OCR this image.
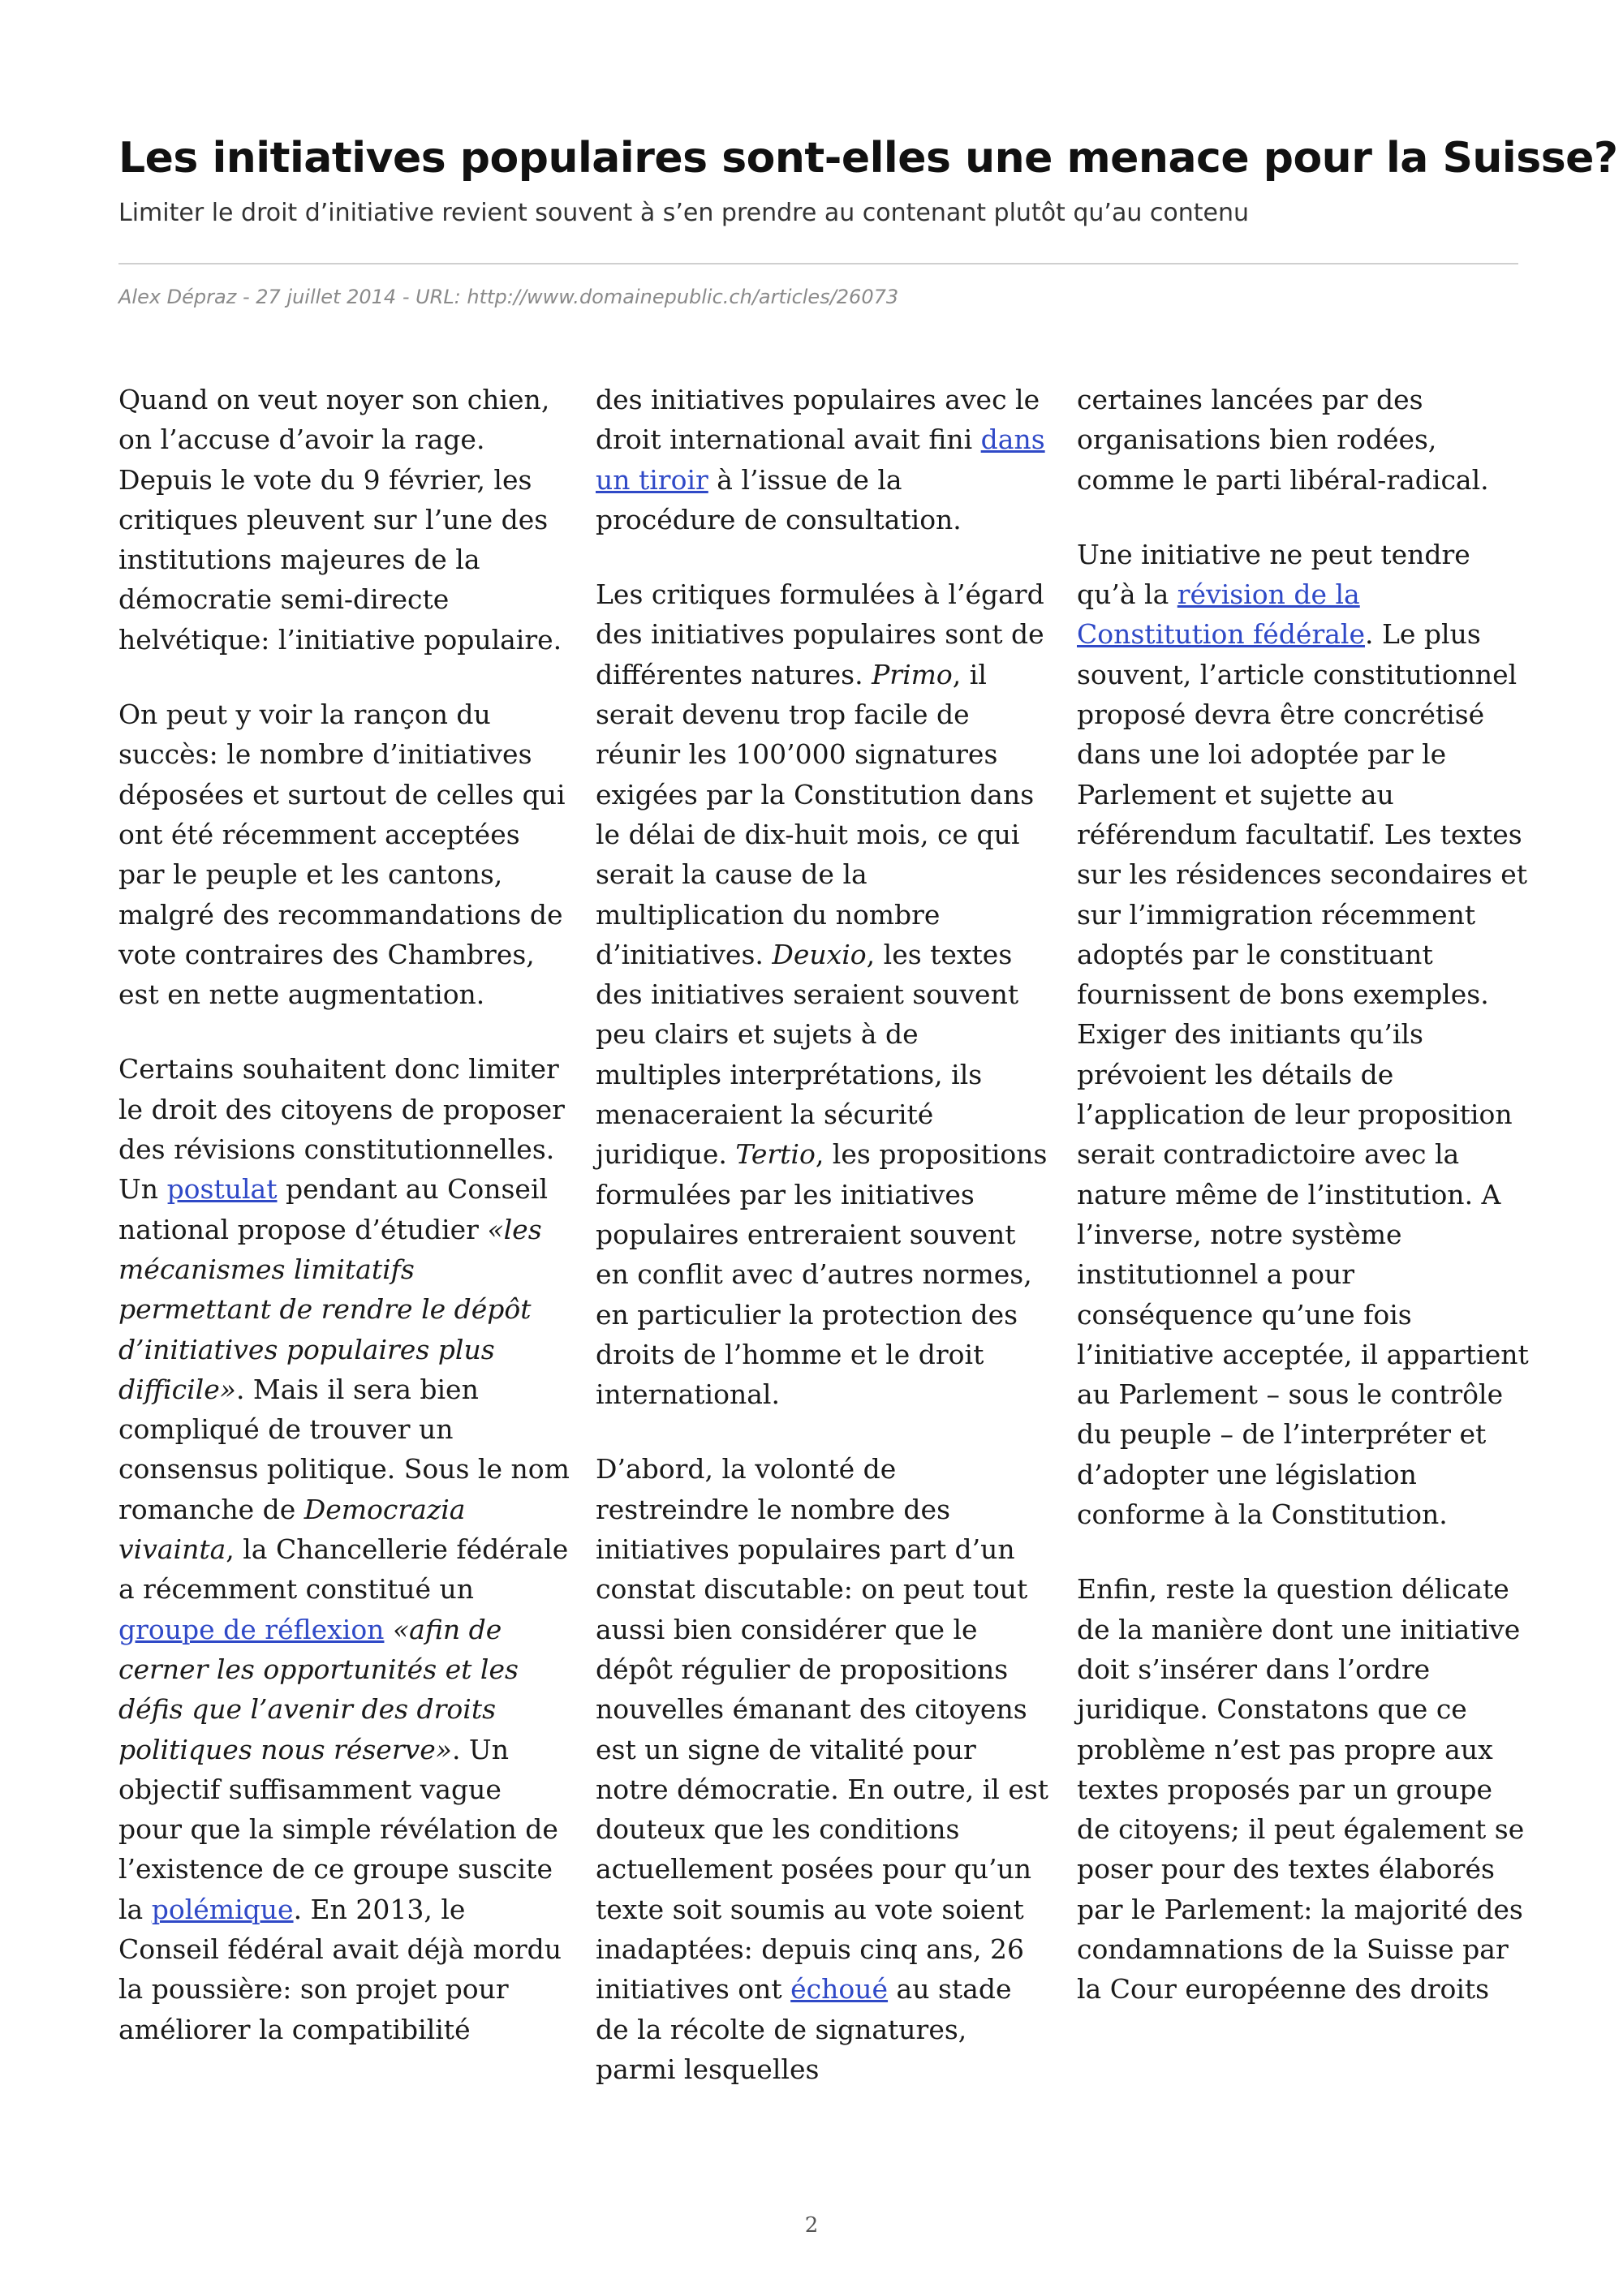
Les initiatives populaires sont-elles une menace pour la Suisse?
Limiter le droit d’initiative revient souvent à s’en prendre au contenant plutôt qu’au contenu
Alex Dépraz - 27 juillet 2014 - URL: http://www.domainepublic.ch/articles/26073

Quand on veut noyer son chien, on l’accuse d’avoir la rage. Depuis le vote du 9 février, les critiques pleuvent sur l’une des institutions majeures de la démocratie semi-directe helvétique: l’initiative populaire.

On peut y voir la rançon du succès: le nombre d’initiatives déposées et surtout de celles qui ont été récemment acceptées par le peuple et les cantons, malgré des recommandations de vote contraires des Chambres, est en nette augmentation.

Certains souhaitent donc limiter le droit des citoyens de proposer des révisions constitutionnelles. Un postulat pendant au Conseil national propose d’étudier «les mécanismes limitatifs permettant de rendre le dépôt d’initiatives populaires plus difficile». Mais il sera bien compliqué de trouver un consensus politique. Sous le nom romanche de Democrazia vivainta, la Chancellerie fédérale a récemment constitué un groupe de réflexion «afin de cerner les opportunités et les défis que l’avenir des droits politiques nous réserve». Un objectif suffisamment vague pour que la simple révélation de l’existence de ce groupe suscite la polémique. En 2013, le Conseil fédéral avait déjà mordu la poussière: son projet pour améliorer la compatibilité

des initiatives populaires avec le droit international avait fini dans un tiroir à l’issue de la procédure de consultation.

Les critiques formulées à l’égard des initiatives populaires sont de différentes natures. Primo, il serait devenu trop facile de réunir les 100’000 signatures exigées par la Constitution dans le délai de dix-huit mois, ce qui serait la cause de la multiplication du nombre d’initiatives. Deuxio, les textes des initiatives seraient souvent peu clairs et sujets à de multiples interprétations, ils menaceraient la sécurité juridique. Tertio, les propositions formulées par les initiatives populaires entreraient souvent en conflit avec d’autres normes, en particulier la protection des droits de l’homme et le droit international.

D’abord, la volonté de restreindre le nombre des initiatives populaires part d’un constat discutable: on peut tout aussi bien considérer que le dépôt régulier de propositions nouvelles émanant des citoyens est un signe de vitalité pour notre démocratie. En outre, il est douteux que les conditions actuellement posées pour qu’un texte soit soumis au vote soient inadaptées: depuis cinq ans, 26 initiatives ont échoué au stade de la récolte de signatures, parmi lesquelles

certaines lancées par des organisations bien rodées, comme le parti libéral-radical.

Une initiative ne peut tendre qu’à la révision de la Constitution fédérale. Le plus souvent, l’article constitutionnel proposé devra être concrétisé dans une loi adoptée par le Parlement et sujette au référendum facultatif. Les textes sur les résidences secondaires et sur l’immigration récemment adoptés par le constituant fournissent de bons exemples. Exiger des initiants qu’ils prévoient les détails de l’application de leur proposition serait contradictoire avec la nature même de l’institution. A l’inverse, notre système institutionnel a pour conséquence qu’une fois l’initiative acceptée, il appartient au Parlement – sous le contrôle du peuple – de l’interpréter et d’adopter une législation conforme à la Constitution.

Enfin, reste la question délicate de la manière dont une initiative doit s’insérer dans l’ordre juridique. Constatons que ce problème n’est pas propre aux textes proposés par un groupe de citoyens; il peut également se poser pour des textes élaborés par le Parlement: la majorité des condamnations de la Suisse par la Cour européenne des droits

2
